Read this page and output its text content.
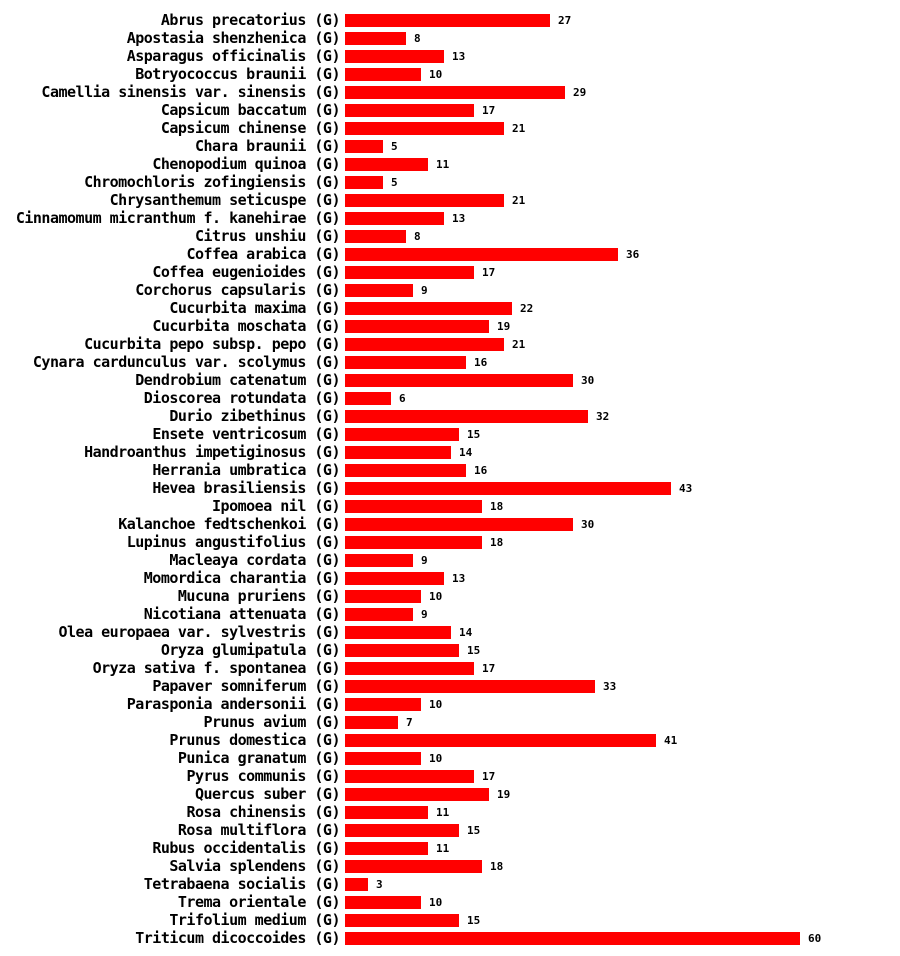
Abrus precatorius (G)	27
Apostasia shenzhenica (G)	8
Asparagus officinalis (G)	13
Botryococcus braunii (G)	10
Camellia sinensis var. sinensis (G)	29
Capsicum baccatum (G)	17
Capsicum chinense (G)	21
Chara braunii (G)	5
Chenopodium quinoa (G)	11
Chromochloris zofingiensis (G)	5
Chrysanthemum seticuspe (G)	21
Cinnamomum micranthum f. kanehirae (G)	13
Citrus unshiu (G)	8
Coffea arabica (G)	36
Coffea eugenioides (G)	17
Corchorus capsularis (G)	9
Cucurbita maxima (G)	22
Cucurbita moschata (G)	19
Cucurbita pepo subsp. pepo (G)	21
Cynara cardunculus var. scolymus (G)	16
Dendrobium catenatum (G)	30
Dioscorea rotundata (G)	6
Durio zibethinus (G)	32
Ensete ventricosum (G)	15
Handroanthus impetiginosus (G)	14
Herrania umbratica (G)	16
Hevea brasiliensis (G)	43
Ipomoea nil (G)	18
Kalanchoe fedtschenkoi (G)	30
Lupinus angustifolius (G)	18
Macleaya cordata (G)	9
Momordica charantia (G)	13
Mucuna pruriens (G)	10
Nicotiana attenuata (G)	9
Olea europaea var. sylvestris (G)	14
Oryza glumipatula (G)	15
Oryza sativa f. spontanea (G)	17
Papaver somniferum (G)	33
Parasponia andersonii (G)	10
Prunus avium (G)	7
Prunus domestica (G)	41
Punica granatum (G)	10
Pyrus communis (G)	17
Quercus suber (G)	19
Rosa chinensis (G)	11
Rosa multiflora (G)	15
Rubus occidentalis (G)	11
Salvia splendens (G)	18
Tetrabaena socialis (G)	3
Trema orientale (G)	10
Trifolium medium (G)	15
Triticum dicoccoides (G)	60
